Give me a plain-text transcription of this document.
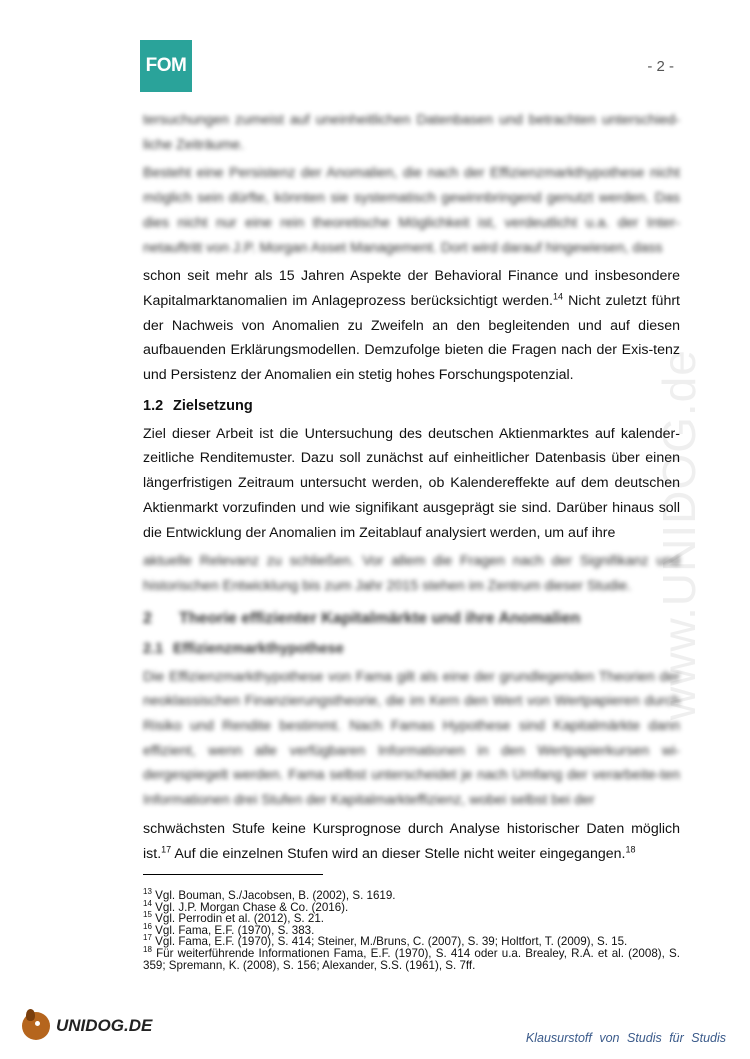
FOM	- 2 -
www.UNIDOG.de

tersuchungen zumeist auf uneinheitlichen Datenbasen und betrachten unterschied-liche Zeiträume.

Besteht eine Persistenz der Anomalien, die nach der Effizienzmarkthypothese nicht möglich sein dürfte, könnten sie systematisch gewinnbringend genutzt werden. Das dies nicht nur eine rein theoretische Möglichkeit ist, verdeutlicht u.a. der Inter-netauftritt von J.P. Morgan Asset Management. Dort wird darauf hingewiesen, dass

schon seit mehr als 15 Jahren Aspekte der Behavioral Finance und insbesondere Kapitalmarktanomalien im Anlageprozess berücksichtigt werden.$^{14}$ Nicht zuletzt führt der Nachweis von Anomalien zu Zweifeln an den begleitenden und auf diesen aufbauenden Erklärungsmodellen. Demzufolge bieten die Fragen nach der Exis-tenz und Persistenz der Anomalien ein stetig hohes Forschungspotenzial.

1.2 Zielsetzung

Ziel dieser Arbeit ist die Untersuchung des deutschen Aktienmarktes auf kalender-zeitliche Renditemuster. Dazu soll zunächst auf einheitlicher Datenbasis über einen längerfristigen Zeitraum untersucht werden, ob Kalendereffekte auf dem deutschen Aktienmarkt vorzufinden und wie signifikant ausgeprägt sie sind. Darüber hinaus soll die Entwicklung der Anomalien im Zeitablauf analysiert werden, um auf ihre

aktuelle Relevanz zu schließen. Vor allem die Fragen nach der Signifikanz und historischen Entwicklung bis zum Jahr 2015 stehen im Zentrum dieser Studie.

2 Theorie effizienter Kapitalmärkte und ihre Anomalien
2.1 Effizienzmarkthypothese

Die Effizienzmarkthypothese von Fama gilt als eine der grundlegenden Theorien der neoklassischen Finanzierungstheorie, die im Kern den Wert von Wertpapieren durch Risiko und Rendite bestimmt. Nach Famas Hypothese sind Kapitalmärkte dann effizient, wenn alle verfügbaren Informationen in den Wertpapierkursen wi-dergespiegelt werden. Fama selbst unterscheidet je nach Umfang der verarbeite-ten Informationen drei Stufen der Kapitalmarkteffizienz, wobei selbst bei der

schwächsten Stufe keine Kursprognose durch Analyse historischer Daten möglich ist.$^{17}$ Auf die einzelnen Stufen wird an dieser Stelle nicht weiter eingegangen.$^{18}$

$^{13}$ Vgl. Bouman, S./Jacobsen, B. (2002), S. 1619.
$^{14}$ Vgl. J.P. Morgan Chase & Co. (2016).
$^{15}$ Vgl. Perrodin et al. (2012), S. 21.
$^{16}$ Vgl. Fama, E.F. (1970), S. 383.
$^{17}$ Vgl. Fama, E.F. (1970), S. 414; Steiner, M./Bruns, C. (2007), S. 39; Holtfort, T. (2009), S. 15.
$^{18}$ Für weiterführende Informationen Fama, E.F. (1970), S. 414 oder u.a. Brealey, R.A. et al. (2008), S. 359; Spremann, K. (2008), S. 156; Alexander, S.S. (1961), S. 7ff.
UNIDOG.DE
Klausurstoff von Studis für Studis
